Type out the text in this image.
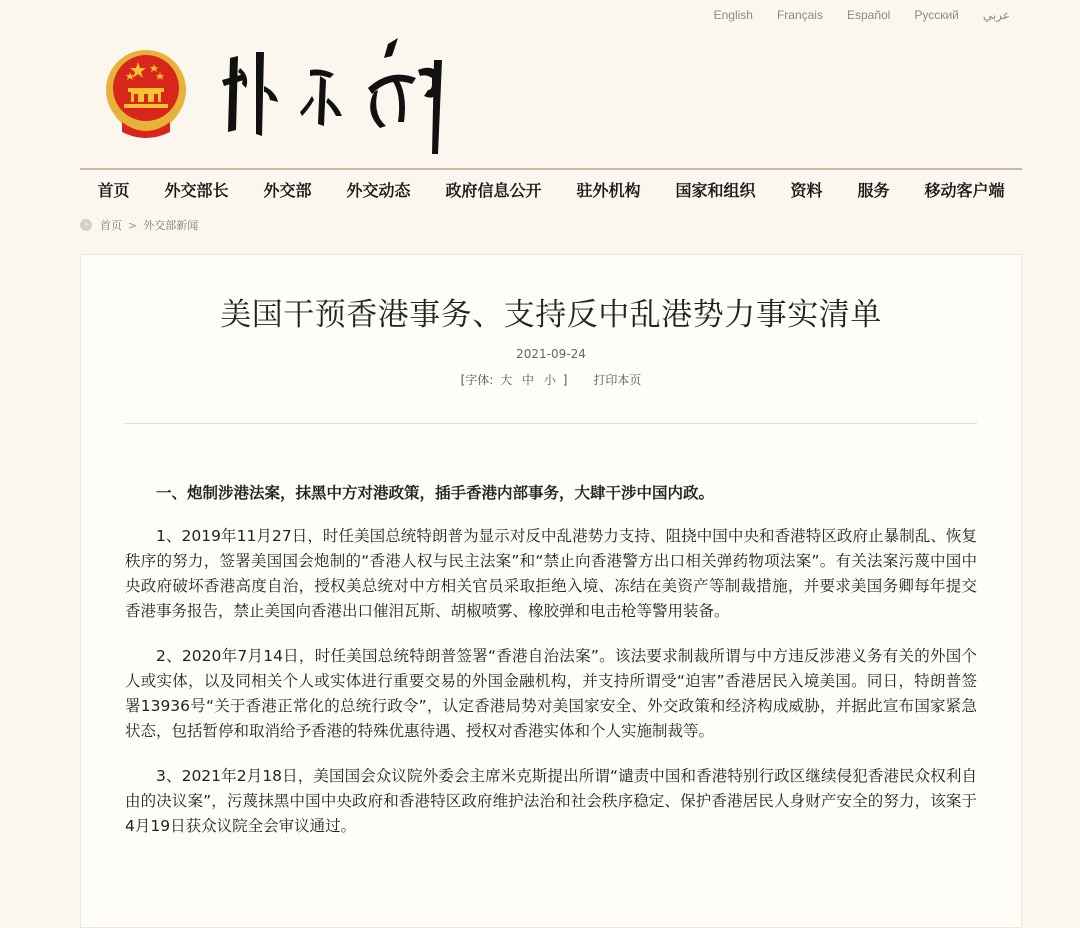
English Français Español Русский عربي
首页 外交部长 外交部 外交动态 政府信息公开 驻外机构 国家和组织 资料 服务 移动客户端
›	首页 > 外交部新闻
美国干预香港事务、支持反中乱港势力事实清单
2021-09-24
[字体: 大 中 小 ] 打印本页

一、炮制涉港法案，抹黑中方对港政策，插手香港内部事务，大肆干涉中国内政。

1、2019年11月27日，时任美国总统特朗普为显示对反中乱港势力支持、阻挠中国中央和香港特区政府止暴制乱、恢复秩序的努力，签署美国国会炮制的“香港人权与民主法案”和“禁止向香港警方出口相关弹药物项法案”。有关法案污蔑中国中央政府破坏香港高度自治，授权美总统对中方相关官员采取拒绝入境、冻结在美资产等制裁措施，并要求美国务卿每年提交香港事务报告，禁止美国向香港出口催泪瓦斯、胡椒喷雾、橡胶弹和电击枪等警用装备。

2、2020年7月14日，时任美国总统特朗普签署“香港自治法案”。该法要求制裁所谓与中方违反涉港义务有关的外国个人或实体，以及同相关个人或实体进行重要交易的外国金融机构，并支持所谓受“迫害”香港居民入境美国。同日，特朗普签署13936号“关于香港正常化的总统行政令”，认定香港局势对美国家安全、外交政策和经济构成威胁，并据此宣布国家紧急状态，包括暂停和取消给予香港的特殊优惠待遇、授权对香港实体和个人实施制裁等。

3、2021年2月18日，美国国会众议院外委会主席米克斯提出所谓“谴责中国和香港特别行政区继续侵犯香港民众权利自由的决议案”，污蔑抹黑中国中央政府和香港特区政府维护法治和社会秩序稳定、保护香港居民人身财产安全的努力，该案于4月19日获众议院全会审议通过。
